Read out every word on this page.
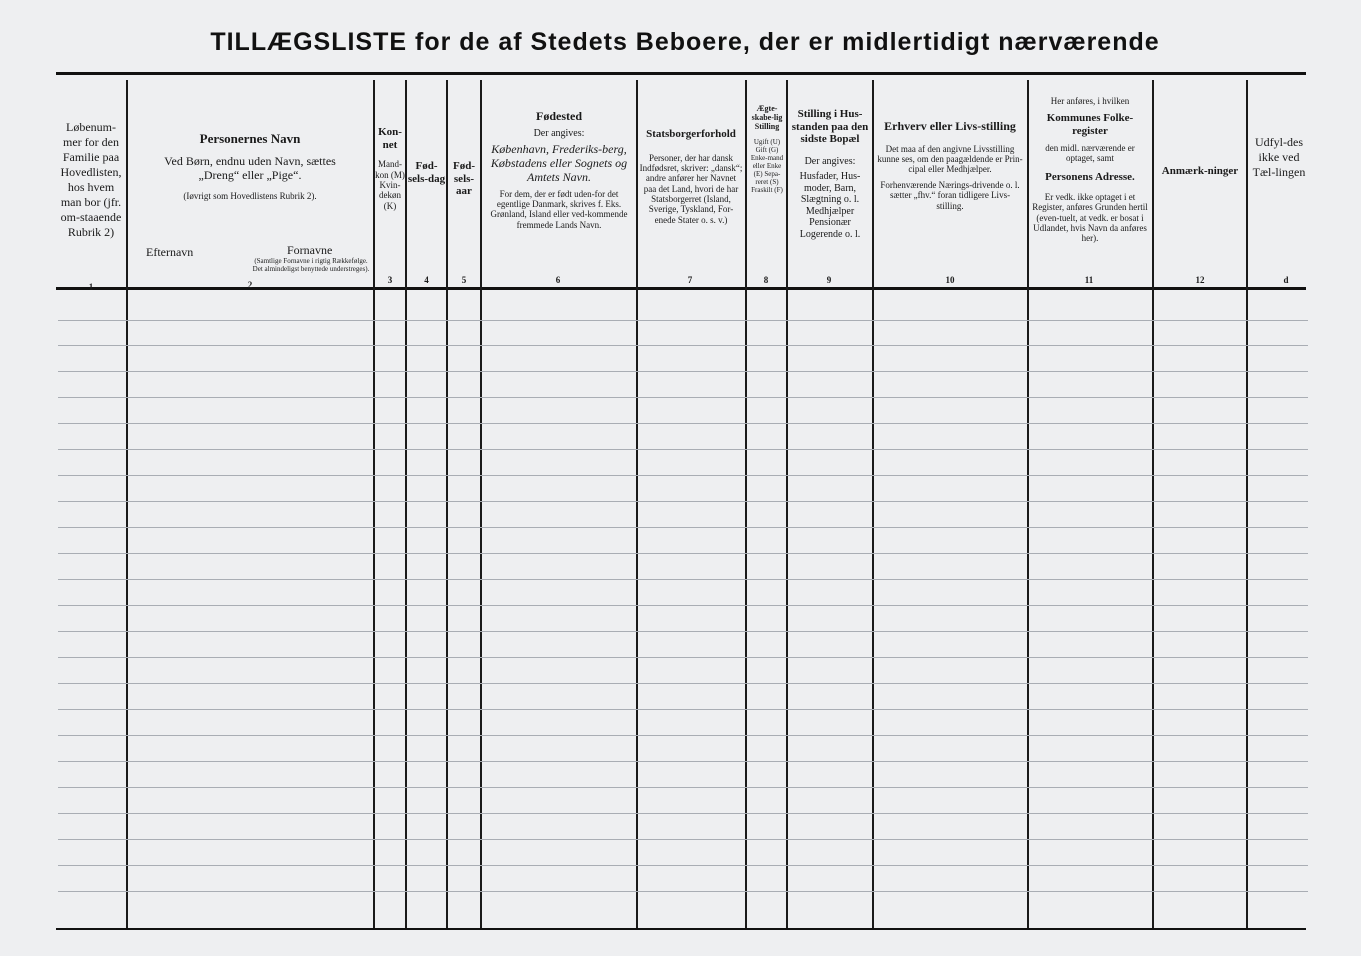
TILLÆGSLISTE for de af Stedets Beboere, der er midlertidigt nærværende
Løbenum-mer for den Familie paa Hovedlisten, hos hvem man bor (jfr. om-staaende Rubrik 2)
1
Personernes Navn
Ved Børn, endnu uden Navn, sættes
„Dreng“ eller „Pige“.
(Iøvrigt som Hovedlistens Rubrik 2).
Efternavn	Fornavne
(Samtlige Fornavne i rigtig Rækkefølge. Det almindeligst benyttede understreges).
2
Kon-net
Mand-kon (M) Kvin-dekøn (K)
3
Fød-sels-dag
4
Fød-sels-aar
5
Fødested
Der angives:
København, Frederiks-berg, Købstadens eller Sognets og Amtets Navn.
For dem, der er født uden-for det egentlige Danmark, skrives f. Eks.
Grønland, Island eller ved-kommende fremmede Lands Navn.
6
Statsborgerforhold
Personer, der har dansk Indfødsret, skriver: „dansk“; andre anfører her Navnet paa det Land, hvori de har Statsborgerret (Island, Sverige, Tyskland, For-enede Stater o. s. v.)
7
Ægte-skabe-lig Stilling
Ugift (U) Gift (G) Enke-mand eller Enke (E) Sepa-reret (S) Fraskilt (F)
8
Stilling i Hus-standen paa den sidste Bopæl
Der angives:
Husfader, Hus-moder, Barn, Slægtning o. l. Medhjælper Pensionær Logerende o. l.
9
Erhverv eller Livs-stilling
Det maa af den angivne Livsstilling kunne ses, om den paagældende er Prin-cipal eller Medhjælper.
Forhenværende Nærings-drivende o. l. sætter „fhv.“ foran tidligere Livs-stilling.
10
Her anføres, i hvilken
Kommunes Folke-register
den midl. nærværende er optaget, samt
Personens Adresse.
Er vedk. ikke optaget i et Register, anføres Grunden hertil (even-tuelt, at vedk. er bosat i Udlandet, hvis Navn da anføres her).
11
Anmærk-ninger
12
Udfyl-des ikke ved Tæl-lingen
d
